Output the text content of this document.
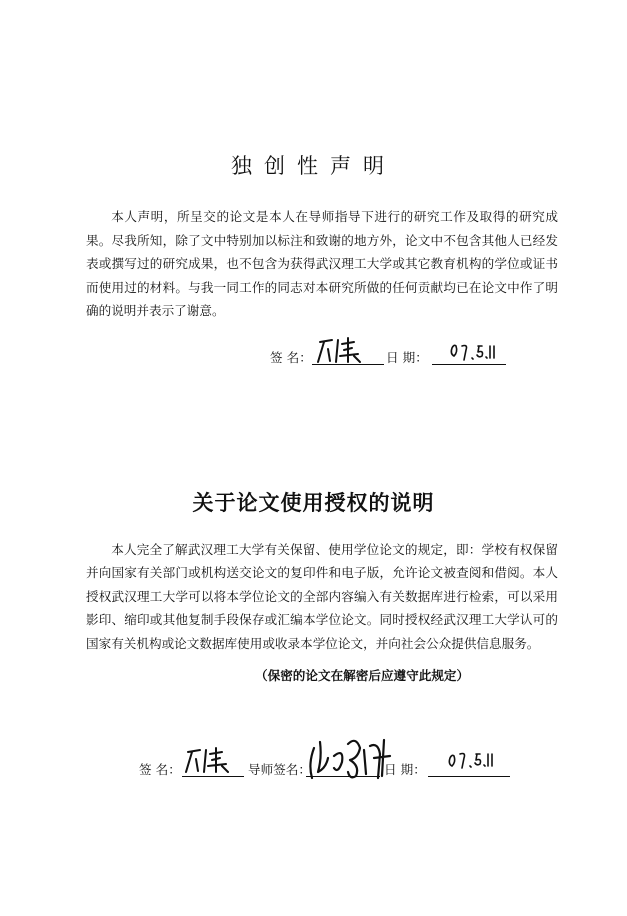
独创性声明
本人声明，所呈交的论文是本人在导师指导下进行的研究工作及取得的研究成果。尽我所知，除了文中特别加以标注和致谢的地方外，论文中不包含其他人已经发表或撰写过的研究成果，也不包含为获得武汉理工大学或其它教育机构的学位或证书而使用过的材料。与我一同工作的同志对本研究所做的任何贡献均已在论文中作了明确的说明并表示了谢意。
签 名：	日 期：
关于论文使用授权的说明
本人完全了解武汉理工大学有关保留、使用学位论文的规定，即：学校有权保留并向国家有关部门或机构送交论文的复印件和电子版，允许论文被查阅和借阅。本人授权武汉理工大学可以将本学位论文的全部内容编入有关数据库进行检索，可以采用影印、缩印或其他复制手段保存或汇编本学位论文。同时授权经武汉理工大学认可的国家有关机构或论文数据库使用或收录本学位论文，并向社会公众提供信息服务。
（保密的论文在解密后应遵守此规定）
签 名：	导师签名：	日 期：
